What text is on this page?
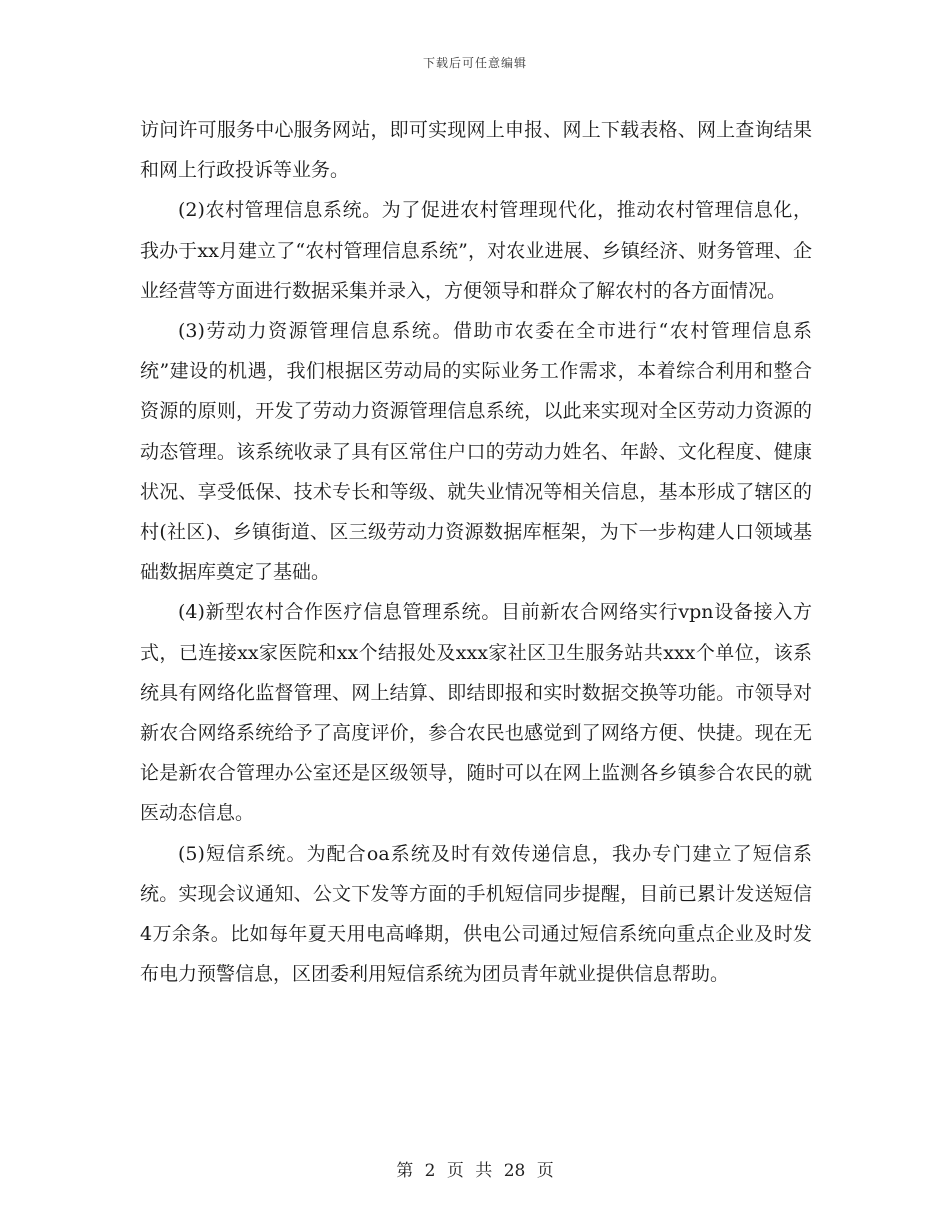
下载后可任意编辑

访问许可服务中心服务网站，即可实现网上申报、网上下载表格、网上查询结果和网上行政投诉等业务。

(2)农村管理信息系统。为了促进农村管理现代化，推动农村管理信息化，我办于xx月建立了“农村管理信息系统”，对农业进展、乡镇经济、财务管理、企业经营等方面进行数据采集并录入，方便领导和群众了解农村的各方面情况。

(3)劳动力资源管理信息系统。借助市农委在全市进行“农村管理信息系统”建设的机遇，我们根据区劳动局的实际业务工作需求，本着综合利用和整合资源的原则，开发了劳动力资源管理信息系统，以此来实现对全区劳动力资源的动态管理。该系统收录了具有区常住户口的劳动力姓名、年龄、文化程度、健康状况、享受低保、技术专长和等级、就失业情况等相关信息，基本形成了辖区的村(社区)、乡镇街道、区三级劳动力资源数据库框架，为下一步构建人口领域基础数据库奠定了基础。

(4)新型农村合作医疗信息管理系统。目前新农合网络实行vpn设备接入方式，已连接xx家医院和xx个结报处及xxx家社区卫生服务站共xxx个单位，该系统具有网络化监督管理、网上结算、即结即报和实时数据交换等功能。市领导对新农合网络系统给予了高度评价，参合农民也感觉到了网络方便、快捷。现在无论是新农合管理办公室还是区级领导，随时可以在网上监测各乡镇参合农民的就医动态信息。

(5)短信系统。为配合oa系统及时有效传递信息，我办专门建立了短信系统。实现会议通知、公文下发等方面的手机短信同步提醒，目前已累计发送短信4万余条。比如每年夏天用电高峰期，供电公司通过短信系统向重点企业及时发布电力预警信息，区团委利用短信系统为团员青年就业提供信息帮助。

第 2 页 共 28 页
